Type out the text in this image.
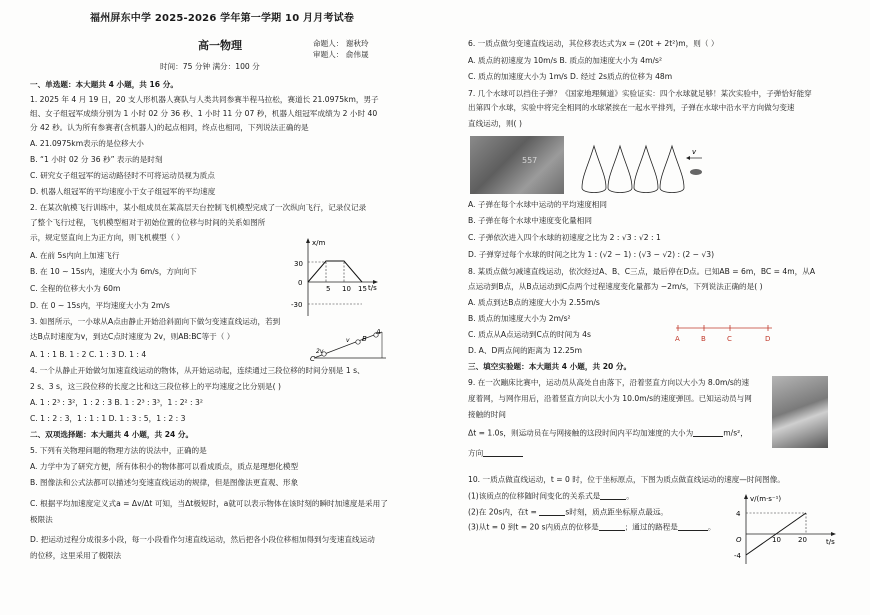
福州屏东中学 2025-2026 学年第一学期 10 月月考试卷
高一物理	命题人： 谢秋玲
审题人： 俞伟晟
时间：75 分钟 满分：100 分
一、单选题：本大题共 4 小题，共 16 分。
1. 2025 年 4 月 19 日，20 支人形机器人赛队与人类共同参赛半程马拉松，赛道长 21.0975km，男子
组、女子组冠军成绩分别为 1 小时 02 分 36 秒、1 小时 11 分 07 秒，机器人组冠军成绩为 2 小时 40
分 42 秒。认为所有参赛者(含机器人)的起点相同，终点也相同，下列说法正确的是
A. 21.0975km表示的是位移大小
B. “1 小时 02 分 36 秒” 表示的是时刻
C. 研究女子组冠军的运动路径时不可将运动员视为质点
D. 机器人组冠军的平均速度小于女子组冠军的平均速度
2. 在某次航模飞行训练中，某小组成员在某高层天台控制飞机模型完成了一次纵向飞行，记录仪记录
了整个飞行过程，飞机模型相对于初始位置的位移与时间的关系如图所
示，规定竖直向上为正方向，则飞机模型（ ）
A. 在前 5s内向上加速飞行
B. 在 10 ~ 15s内，速度大小为 6m/s，方向向下
C. 全程的位移大小为 60m
D. 在 0 ~ 15s内，平均速度大小为 2m/s
3. 如图所示，一小球从A点由静止开始沿斜面向下做匀变速直线运动，若到
达B点时速度为v，到达C点时速度为 2v，则AB:BC等于（ ）
A. 1 : 1 B. 1 : 2 C. 1 : 3 D. 1 : 4
4. 一个从静止开始做匀加速直线运动的物体，从开始运动起，连续通过三段位移的时间分别是 1 s、
2 s、3 s，这三段位移的长度之比和这三段位移上的平均速度之比分别是( )
A. 1 : 2³ : 3²，1 : 2 : 3 B. 1 : 2³ : 3³，1 : 2² : 3²
C. 1 : 2 : 3，1 : 1 : 1 D. 1 : 3 : 5，1 : 2 : 3
二、双项选择题：本大题共 4 小题，共 24 分。
5. 下列有关物理问题的物理方法的说法中，正确的是
A. 力学中为了研究方便，所有体积小的物体都可以看成质点，质点是理想化模型
B. 图像法和公式法都可以描述匀变速直线运动的规律，但是图像法更直观、形象
C. 根据平均加速度定义式a = Δv/Δt 可知，当Δt极短时，a就可以表示物体在该时刻的瞬时加速度是采用了
极限法
D. 把运动过程分成很多小段，每一小段看作匀速直线运动，然后把各小段位移相加得到匀变速直线运动
的位移，这里采用了极限法
x/m
t/s
30
0
-30
5 10 15
A
B
C
v
2v
6. 一质点做匀变速直线运动，其位移表达式为x = (20t + 2t²)m，则（ ）
A. 质点的初速度为 10m/s B. 质点的加速度大小为 4m/s²
C. 质点的加速度大小为 1m/s D. 经过 2s质点的位移为 48m
7. 几个水球可以挡住子弹？《国家地理频道》实验证实：四个水球就足够！某次实验中，子弹恰好能穿
出第四个水球，实验中将完全相同的水球紧挨在一起水平排列，子弹在水球中沿水平方向做匀变速
直线运动，则( )
A. 子弹在每个水球中运动的平均速度相同
B. 子弹在每个水球中速度变化量相同
C. 子弹依次进入四个水球的初速度之比为 2 : √3 : √2 : 1
D. 子弹穿过每个水球的时间之比为 1 : (√2 − 1) : (√3 − √2) : (2 − √3)
8. 某质点做匀减速直线运动，依次经过A、B、C三点，最后停在D点。已知AB = 6m，BC = 4m，从A
点运动到B点，从B点运动到C点两个过程速度变化量都为 −2m/s，下列说法正确的是( )
A. 质点到达B点的速度大小为 2.55m/s
B. 质点的加速度大小为 2m/s²
C. 质点从A点运动到C点的时间为 4s
D. A、D两点间的距离为 12.25m
三、填空实验题：本大题共 4 小题，共 20 分。
9. 在一次蹦床比赛中，运动员从高处自由落下，沿着竖直方向以大小为 8.0m/s的速
度着网，与网作用后，沿着竖直方向以大小为 10.0m/s的速度弹回。已知运动员与网
接触的时间
Δt = 1.0s，则运动员在与网接触的这段时间内平均加速度的大小为	m/s²，
方向
10. 一质点做直线运动，t = 0 时，位于坐标原点，下图为质点做直线运动的速度—时间图像。
(1)该质点的位移随时间变化的关系式是	。
(2)在 20s内，在t =	s时刻，质点距坐标原点最远。
(3)从t = 0 到t = 20 s内质点的位移是	；通过的路程是	。
557
v
A	B	C	D
v/(m·s⁻¹)
t/s
4
O
-4
10 20
